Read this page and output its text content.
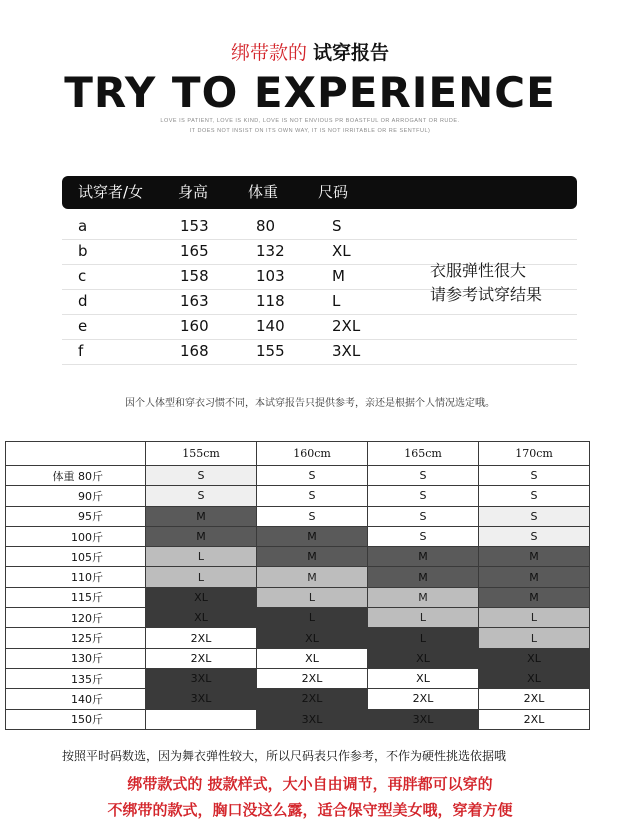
绑带款的 试穿报告
TRY TO EXPERIENCE
LOVE IS PATIENT, LOVE IS KIND, LOVE IS NOT ENVIOUS PR BOASTFUL OR ARROGANT OR RUDE.
IT DOES NOT INSIST ON ITS OWN WAY, IT IS NOT IRRITABLE OR RE SENTFUL)
试穿者/女 身高	体重	尺码
a	153	80	S
b	165	132	XL
c	158	103	M
d	163	118	L
e	160	140	2XL
f	168	155	3XL
衣服弹性很大
请参考试穿结果
因个人体型和穿衣习惯不同，本试穿报告只提供参考，亲还是根据个人情况选定哦。
	155cm	160cm	165cm	170cm
体重 80斤	S	S	S	S
90斤	S	S	S	S
95斤	M	S	S	S
100斤	M	M	S	S
105斤	L	M	M	M
110斤	L	M	M	M
115斤	XL	L	M	M
120斤	XL	L	L	L
125斤	2XL	XL	L	L
130斤	2XL	XL	XL	XL
135斤	3XL	2XL	XL	XL
140斤	3XL	2XL	2XL	2XL
150斤		3XL	3XL	2XL
按照平时码数选，因为舞衣弹性较大，所以尺码表只作参考，不作为硬性挑选依据哦
绑带款式的 披款样式，大小自由调节，再胖都可以穿的
不绑带的款式，胸口没这么露，适合保守型美女哦，穿着方便
